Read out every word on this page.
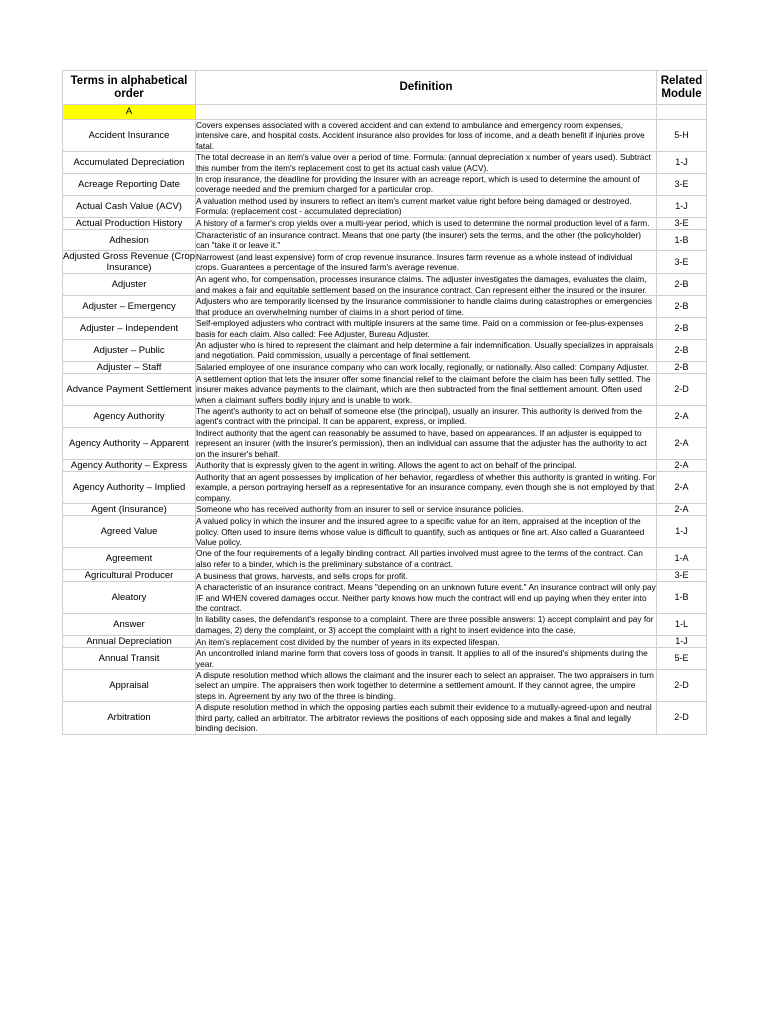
Terms in alphabetical order	Definition	Related Module
A		
Accident Insurance	Covers expenses associated with a covered accident and can extend to ambulance and emergency room expenses, intensive care, and hospital costs. Accident insurance also provides for loss of income, and a death benefit if injuries prove fatal.	5-H
Accumulated Depreciation	The total decrease in an item's value over a period of time. Formula: (annual depreciation x number of years used). Subtract this number from the item's replacement cost to get its actual cash value (ACV).	1-J
Acreage Reporting Date	In crop insurance, the deadline for providing the insurer with an acreage report, which is used to determine the amount of coverage needed and the premium charged for a particular crop.	3-E
Actual Cash Value (ACV)	A valuation method used by insurers to reflect an item's current market value right before being damaged or destroyed. Formula: (replacement cost - accumulated depreciation)	1-J
Actual Production History	A history of a farmer's crop yields over a multi-year period, which is used to determine the normal production level of a farm.	3-E
Adhesion	Characteristic of an insurance contract. Means that one party (the insurer) sets the terms, and the other (the policyholder) can "take it or leave it."	1-B
Adjusted Gross Revenue (Crop Insurance)	Narrowest (and least expensive) form of crop revenue insurance. Insures farm revenue as a whole instead of individual crops. Guarantees a percentage of the insured farm's average revenue.	3-E
Adjuster	An agent who, for compensation, processes insurance claims. The adjuster investigates the damages, evaluates the claim, and makes a fair and equitable settlement based on the insurance contract. Can represent either the insured or the insurer.	2-B
Adjuster – Emergency	Adjusters who are temporarily licensed by the insurance commissioner to handle claims during catastrophes or emergencies that produce an overwhelming number of claims in a short period of time.	2-B
Adjuster – Independent	Self-employed adjusters who contract with multiple insurers at the same time. Paid on a commission or fee-plus-expenses basis for each claim. Also called: Fee Adjuster, Bureau Adjuster.	2-B
Adjuster – Public	An adjuster who is hired to represent the claimant and help determine a fair indemnification. Usually specializes in appraisals and negotiation. Paid commission, usually a percentage of final settlement.	2-B
Adjuster – Staff	Salaried employee of one insurance company who can work locally, regionally, or nationally. Also called: Company Adjuster.	2-B
Advance Payment Settlement	A settlement option that lets the insurer offer some financial relief to the claimant before the claim has been fully settled. The insurer makes advance payments to the claimant, which are then subtracted from the final settlement amount. Often used when a claimant suffers bodily injury and is unable to work.	2-D
Agency Authority	The agent's authority to act on behalf of someone else (the principal), usually an insurer. This authority is derived from the agent's contract with the principal. It can be apparent, express, or implied.	2-A
Agency Authority – Apparent	Indirect authority that the agent can reasonably be assumed to have, based on appearances. If an adjuster is equipped to represent an insurer (with the insurer's permission), then an individual can assume that the adjuster has the authority to act on the insurer's behalf.	2-A
Agency Authority – Express	Authority that is expressly given to the agent in writing. Allows the agent to act on behalf of the principal.	2-A
Agency Authority – Implied	Authority that an agent possesses by implication of her behavior, regardless of whether this authority is granted in writing. For example, a person portraying herself as a representative for an insurance company, even though she is not employed by that company.	2-A
Agent (Insurance)	Someone who has received authority from an insurer to sell or service insurance policies.	2-A
Agreed Value	A valued policy in which the insurer and the insured agree to a specific value for an item, appraised at the inception of the policy. Often used to insure items whose value is difficult to quantify, such as antiques or fine art. Also called a Guaranteed Value policy.	1-J
Agreement	One of the four requirements of a legally binding contract. All parties involved must agree to the terms of the contract. Can also refer to a binder, which is the preliminary substance of a contract.	1-A
Agricultural Producer	A business that grows, harvests, and sells crops for profit.	3-E
Aleatory	A characteristic of an insurance contract. Means "depending on an unknown future event." An insurance contract will only pay IF and WHEN covered damages occur. Neither party knows how much the contract will end up paying when they enter into the contract.	1-B
Answer	In liability cases, the defendant's response to a complaint. There are three possible answers: 1) accept complaint and pay for damages, 2) deny the complaint, or 3) accept the complaint with a right to insert evidence into the case.	1-L
Annual Depreciation	An item's replacement cost divided by the number of years in its expected lifespan.	1-J
Annual Transit	An uncontrolled inland marine form that covers loss of goods in transit. It applies to all of the insured's shipments during the year.	5-E
Appraisal	A dispute resolution method which allows the claimant and the insurer each to select an appraiser. The two appraisers in turn select an umpire. The appraisers then work together to determine a settlement amount. If they cannot agree, the umpire steps in. Agreement by any two of the three is binding.	2-D
Arbitration	A dispute resolution method in which the opposing parties each submit their evidence to a mutually-agreed-upon and neutral third party, called an arbitrator. The arbitrator reviews the positions of each opposing side and makes a final and legally binding decision.	2-D
